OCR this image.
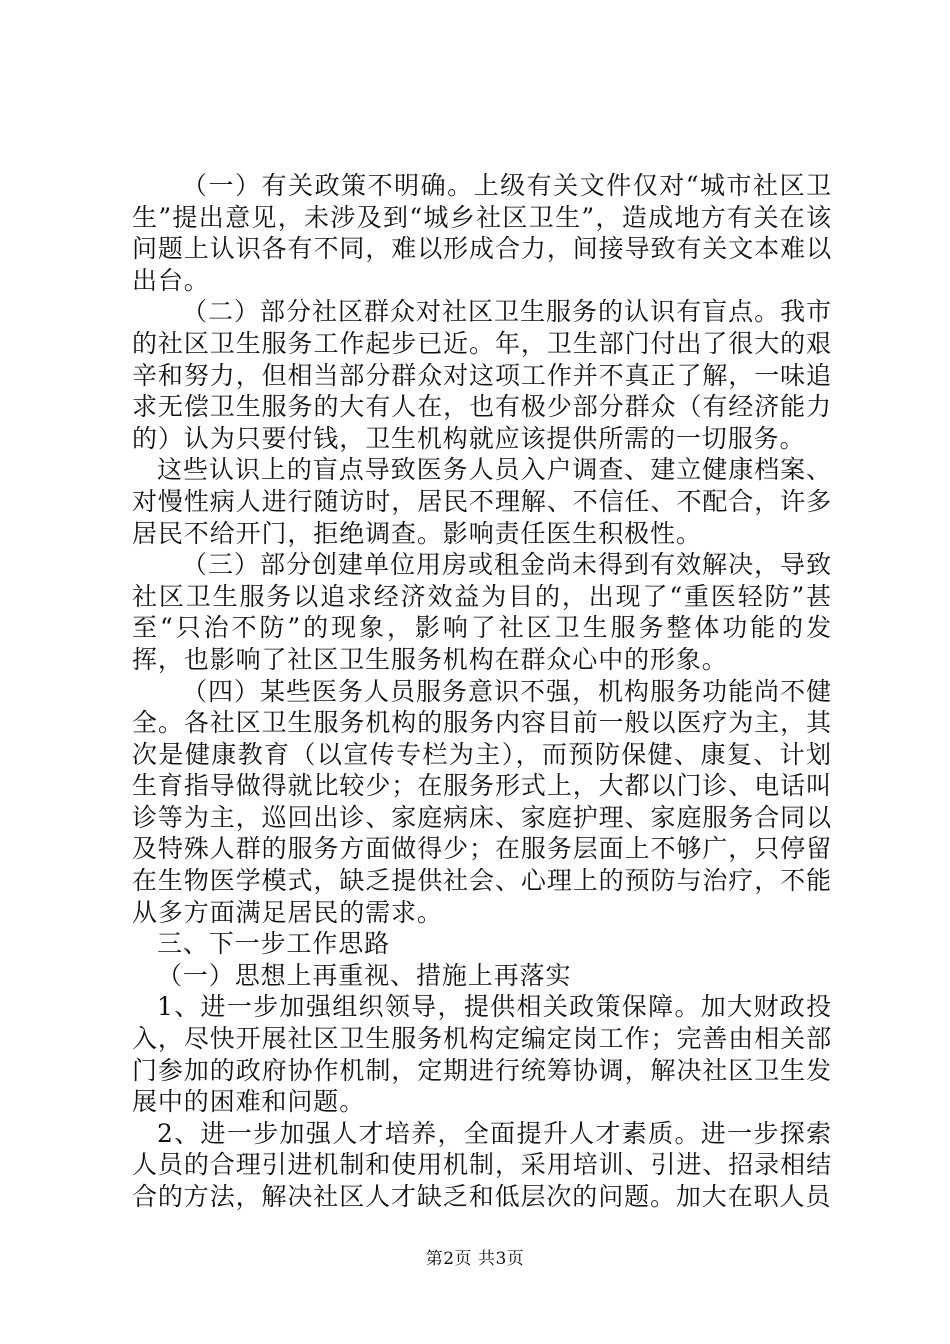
（一）有关政策不明确。上级有关文件仅对“城市社区卫生”提出意见，未涉及到“城乡社区卫生”，造成地方有关在该问题上认识各有不同，难以形成合力，间接导致有关文本难以出台。

（二）部分社区群众对社区卫生服务的认识有盲点。我市的社区卫生服务工作起步已近。年，卫生部门付出了很大的艰辛和努力，但相当部分群众对这项工作并不真正了解，一味追求无偿卫生服务的大有人在，也有极少部分群众（有经济能力的）认为只要付钱，卫生机构就应该提供所需的一切服务。

这些认识上的盲点导致医务人员入户调查、建立健康档案、对慢性病人进行随访时，居民不理解、不信任、不配合，许多居民不给开门，拒绝调查。影响责任医生积极性。

（三）部分创建单位用房或租金尚未得到有效解决，导致社区卫生服务以追求经济效益为目的，出现了“重医轻防”甚至“只治不防”的现象，影响了社区卫生服务整体功能的发挥，也影响了社区卫生服务机构在群众心中的形象。

（四）某些医务人员服务意识不强，机构服务功能尚不健全。各社区卫生服务机构的服务内容目前一般以医疗为主，其次是健康教育（以宣传专栏为主），而预防保健、康复、计划生育指导做得就比较少；在服务形式上，大都以门诊、电话叫诊等为主，巡回出诊、家庭病床、家庭护理、家庭服务合同以及特殊人群的服务方面做得少；在服务层面上不够广，只停留在生物医学模式，缺乏提供社会、心理上的预防与治疗，不能从多方面满足居民的需求。

三、下一步工作思路

（一）思想上再重视、措施上再落实

1、进一步加强组织领导，提供相关政策保障。加大财政投入，尽快开展社区卫生服务机构定编定岗工作；完善由相关部门参加的政府协作机制，定期进行统筹协调，解决社区卫生发展中的困难和问题。

2、进一步加强人才培养，全面提升人才素质。进一步探索人员的合理引进机制和使用机制，采用培训、引进、招录相结合的方法，解决社区人才缺乏和低层次的问题。加大在职人员

第2页 共3页
